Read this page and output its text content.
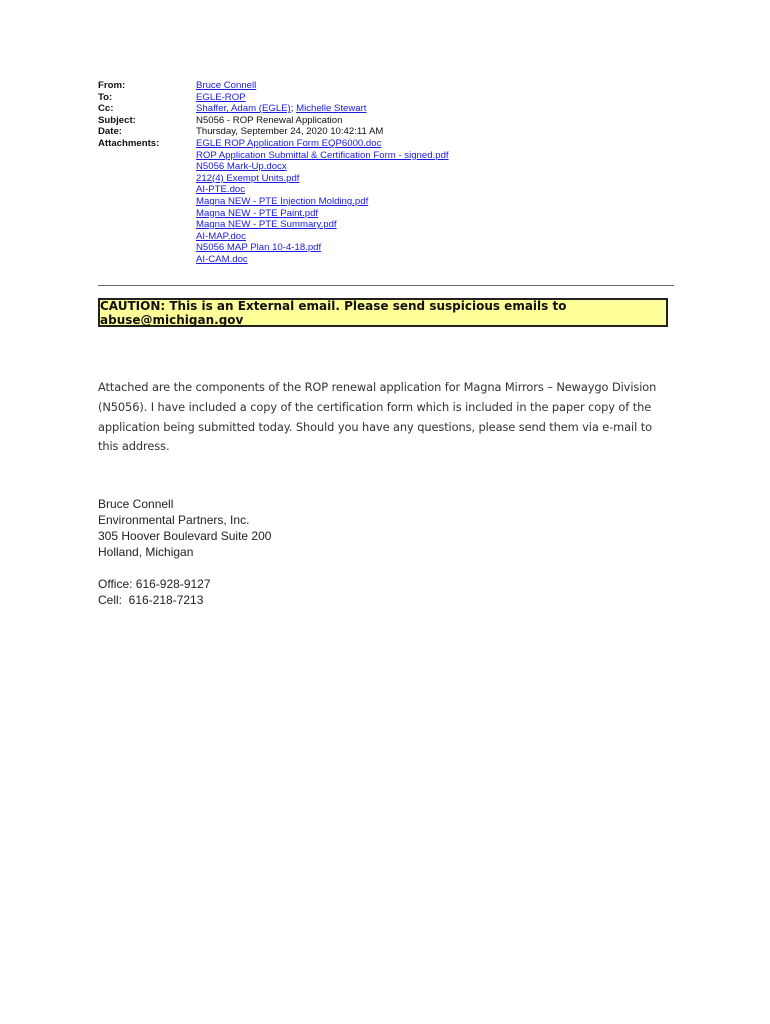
From:	Bruce Connell
To:	EGLE-ROP
Cc:	Shaffer, Adam (EGLE); Michelle Stewart
Subject:	N5056 - ROP Renewal Application
Date:	Thursday, September 24, 2020 10:42:11 AM
Attachments:	EGLE ROP Application Form EQP6000.doc
ROP Application Submittal & Certification Form - signed.pdf
N5056 Mark-Up.docx
212(4) Exempt Units.pdf
AI-PTE.doc
Magna NEW - PTE Injection Molding.pdf
Magna NEW - PTE Paint.pdf
Magna NEW - PTE Summary.pdf
AI-MAP.doc
N5056 MAP Plan 10-4-18.pdf
AI-CAM.doc
CAUTION: This is an External email. Please send suspicious emails to abuse@michigan.gov
Attached are the components of the ROP renewal application for Magna Mirrors – Newaygo Division (N5056). I have included a copy of the certification form which is included in the paper copy of the application being submitted today. Should you have any questions, please send them via e-mail to this address.
Bruce Connell
Environmental Partners, Inc.
305 Hoover Boulevard Suite 200
Holland, Michigan
Office: 616-928-9127
Cell:  616-218-7213
